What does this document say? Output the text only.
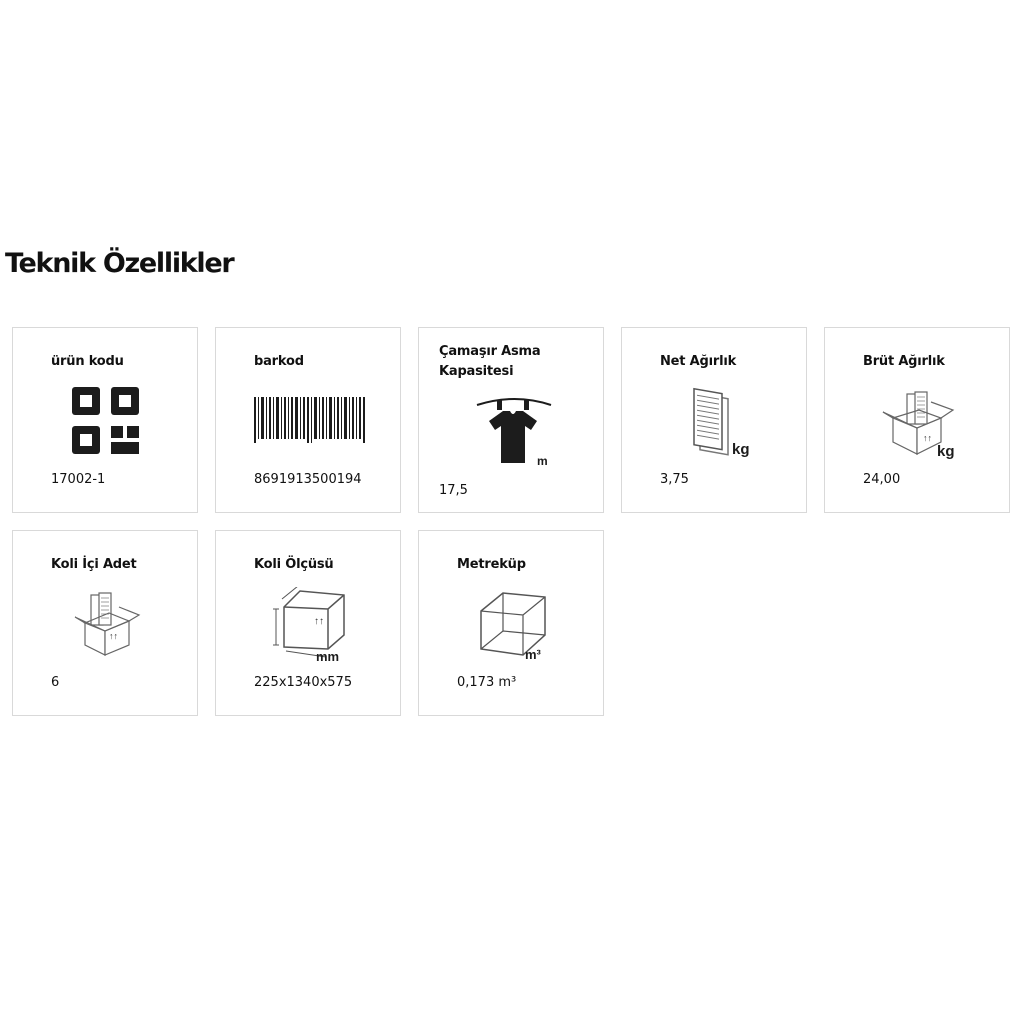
Teknik Özellikler
ürün kodu
17002-1
barkod
8691913500194
Çamaşır Asma Kapasitesi
m
17,5
Net Ağırlık
kg
3,75
Brüt Ağırlık
↑↑
kg
24,00
Koli İçi Adet
↑↑
6
Koli Ölçüsü
↑↑
mm
225x1340x575
Metreküp
m³
0,173 m³
